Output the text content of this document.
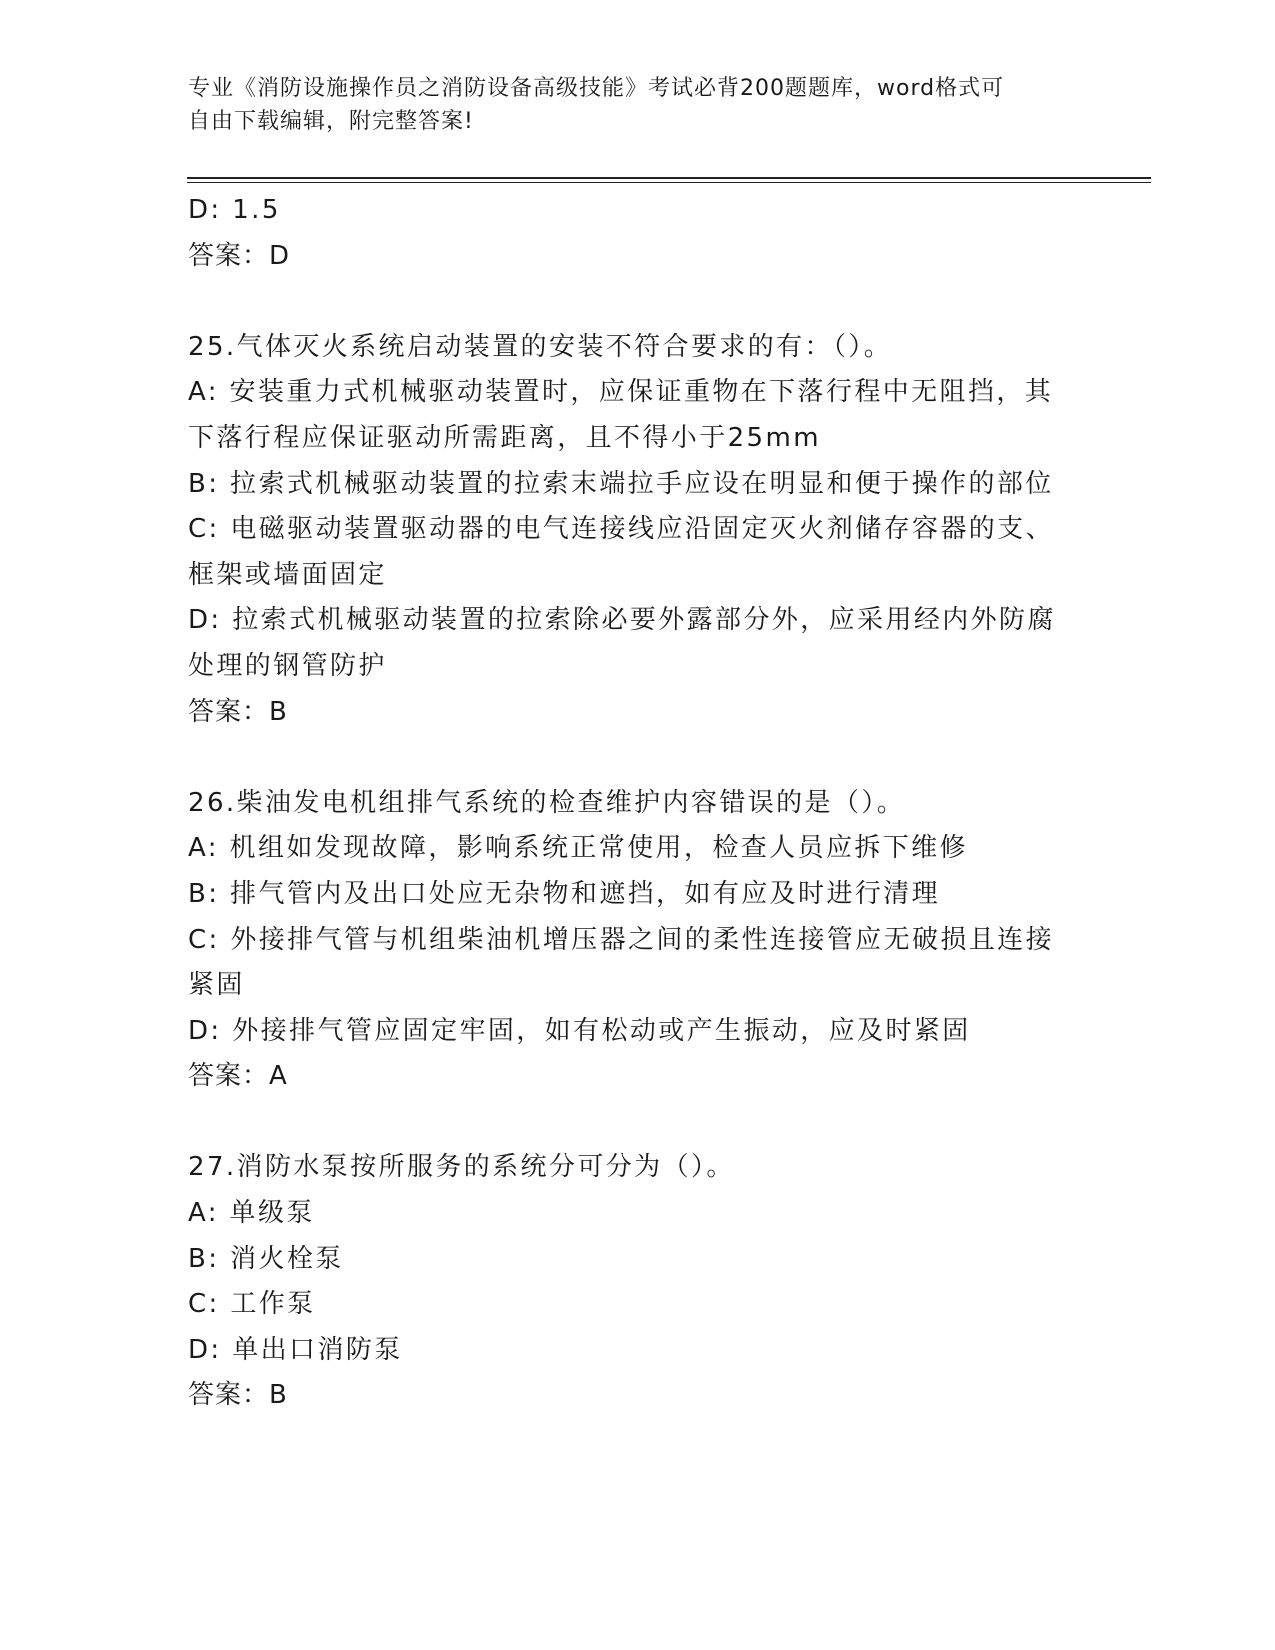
专业《消防设施操作员之消防设备高级技能》考试必背200题题库，word格式可
自由下载编辑，附完整答案!
D: 1.5
答案：D
25.气体灭火系统启动装置的安装不符合要求的有：（）。
A: 安装重力式机械驱动装置时，应保证重物在下落行程中无阻挡，其
下落行程应保证驱动所需距离，且不得小于25mm
B: 拉索式机械驱动装置的拉索末端拉手应设在明显和便于操作的部位
C: 电磁驱动装置驱动器的电气连接线应沿固定灭火剂储存容器的支、
框架或墙面固定
D: 拉索式机械驱动装置的拉索除必要外露部分外，应采用经内外防腐
处理的钢管防护
答案：B
26.柴油发电机组排气系统的检查维护内容错误的是（）。
A: 机组如发现故障，影响系统正常使用，检查人员应拆下维修
B: 排气管内及出口处应无杂物和遮挡，如有应及时进行清理
C: 外接排气管与机组柴油机增压器之间的柔性连接管应无破损且连接
紧固
D: 外接排气管应固定牢固，如有松动或产生振动，应及时紧固
答案：A
27.消防水泵按所服务的系统分可分为（）。
A: 单级泵
B: 消火栓泵
C: 工作泵
D: 单出口消防泵
答案：B
